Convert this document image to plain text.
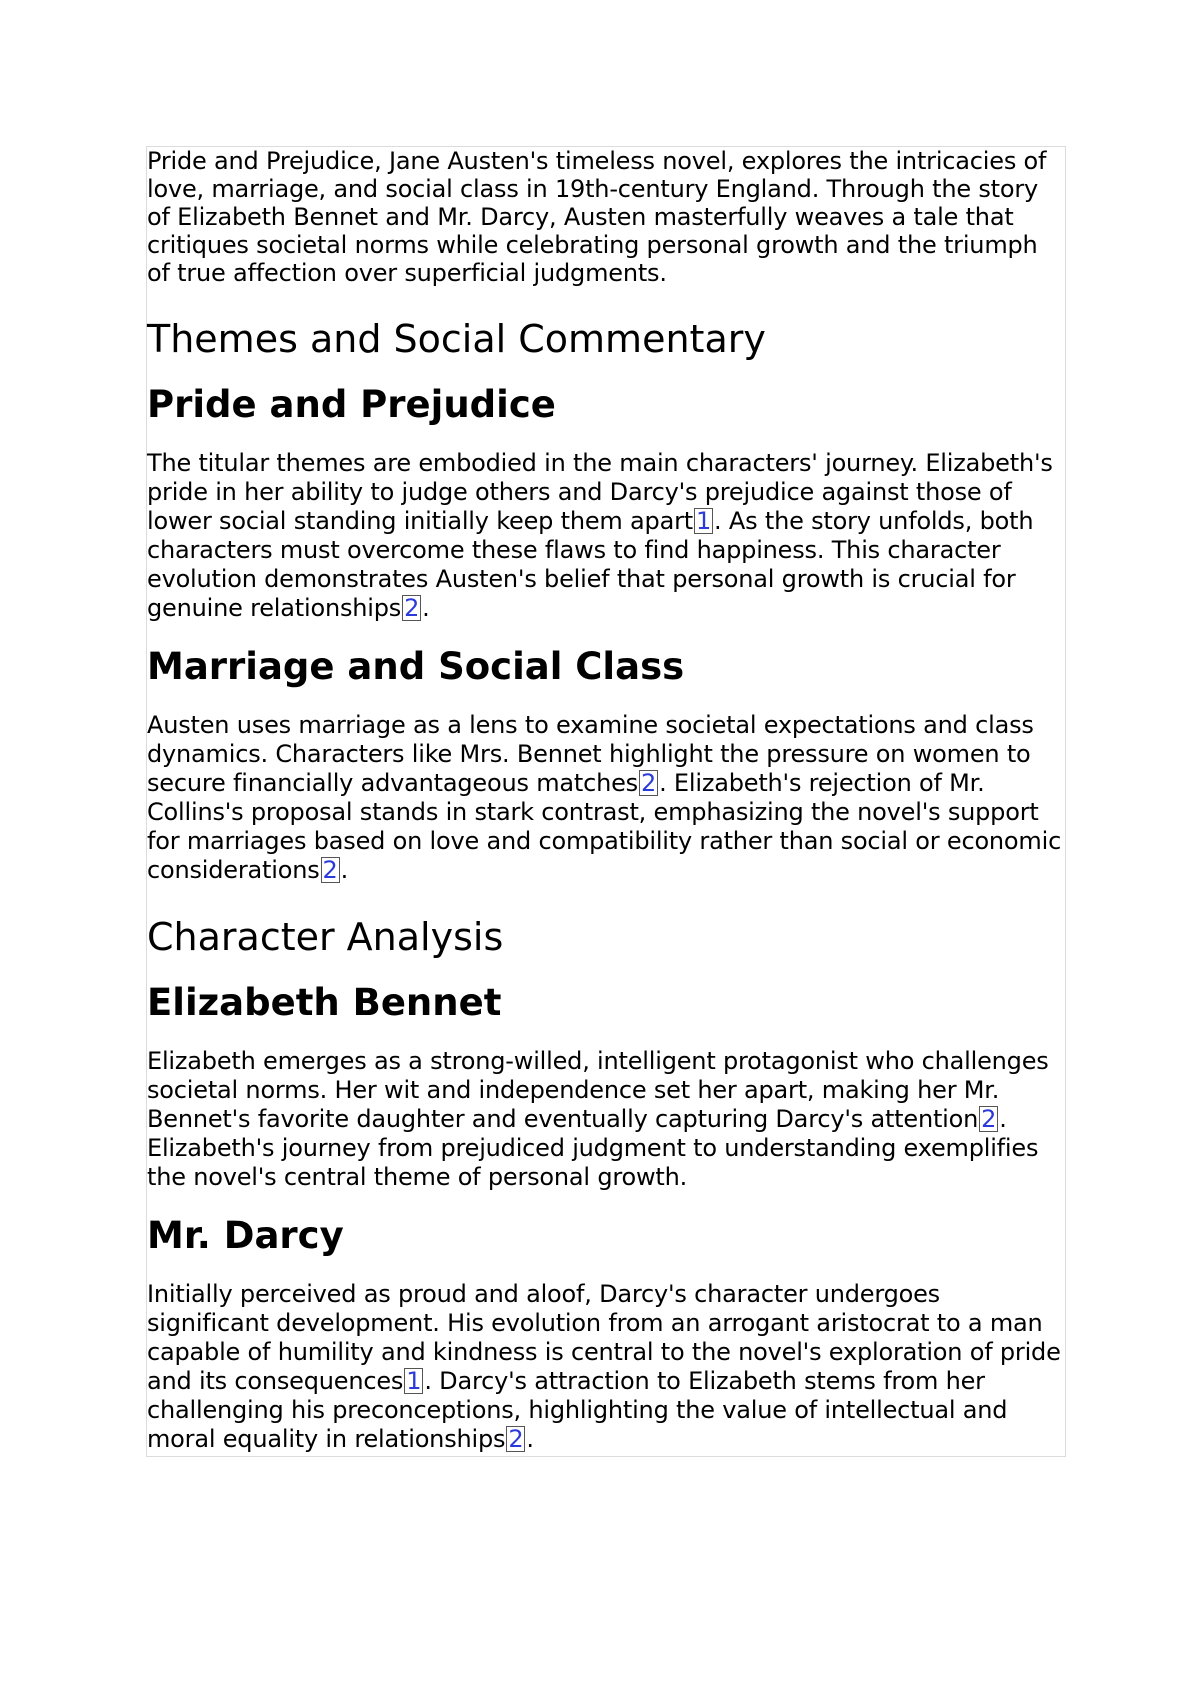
Pride and Prejudice, Jane Austen's timeless novel, explores the intricacies of love, marriage, and social class in 19th-century England. Through the story of Elizabeth Bennet and Mr. Darcy, Austen masterfully weaves a tale that critiques societal norms while celebrating personal growth and the triumph of true affection over superficial judgments.

Themes and Social Commentary
Pride and Prejudice

The titular themes are embodied in the main characters' journey. Elizabeth's pride in her ability to judge others and Darcy's prejudice against those of lower social standing initially keep them apart 1 . As the story unfolds, both characters must overcome these flaws to find happiness. This character evolution demonstrates Austen's belief that personal growth is crucial for genuine relationships 2 .

Marriage and Social Class

Austen uses marriage as a lens to examine societal expectations and class dynamics. Characters like Mrs. Bennet highlight the pressure on women to secure financially advantageous matches 2 . Elizabeth's rejection of Mr. Collins's proposal stands in stark contrast, emphasizing the novel's support for marriages based on love and compatibility rather than social or economic considerations 2 .

Character Analysis
Elizabeth Bennet

Elizabeth emerges as a strong-willed, intelligent protagonist who challenges societal norms. Her wit and independence set her apart, making her Mr. Bennet's favorite daughter and eventually capturing Darcy's attention 2 . Elizabeth's journey from prejudiced judgment to understanding exemplifies the novel's central theme of personal growth.

Mr. Darcy

Initially perceived as proud and aloof, Darcy's character undergoes significant development. His evolution from an arrogant aristocrat to a man capable of humility and kindness is central to the novel's exploration of pride and its consequences 1 . Darcy's attraction to Elizabeth stems from her challenging his preconceptions, highlighting the value of intellectual and moral equality in relationships 2 .
